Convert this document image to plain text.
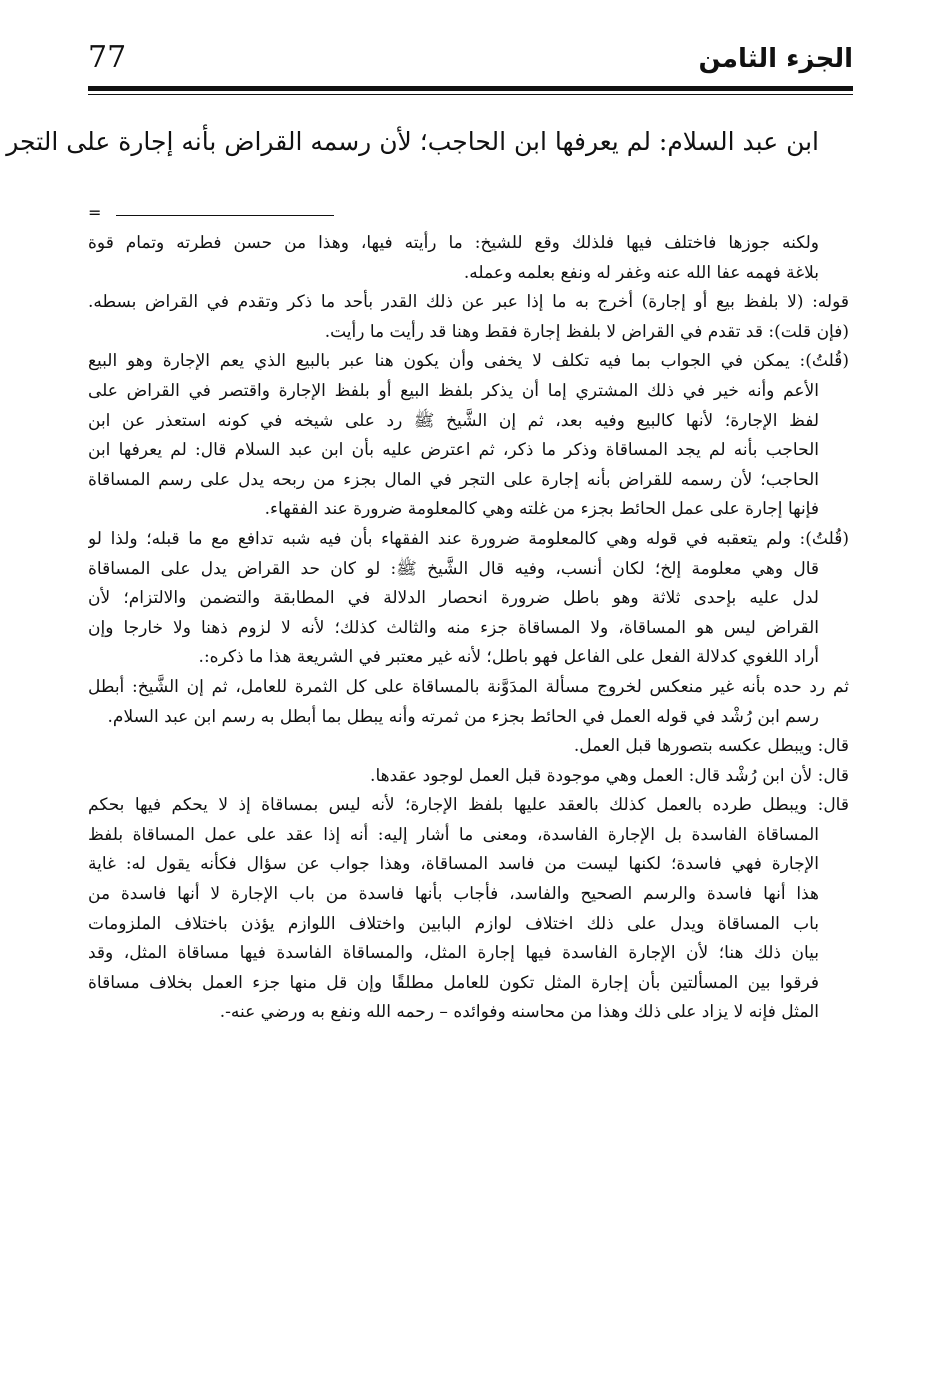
77	الجزء الثامن
ابن عبد السلام: لم يعرفها ابن الحاجب؛ لأن رسمه القراض بأنه إجارة على التجر
=
ولكنه جوزها فاختلف فيها فلذلك وقع للشيخ: ما رأيته فيها، وهذا من حسن فطرته وتمام قوة
بلاغة فهمه عفا الله عنه وغفر له ونفع بعلمه وعمله.
قوله: (لا بلفظ بيع أو إجارة) أخرج به ما إذا عبر عن ذلك القدر بأحد ما ذكر وتقدم في القراض بسطه.
(فإن قلت): قد تقدم في القراض لا بلفظ إجارة فقط وهنا قد رأيت ما رأيت.
(قُلتُ): يمكن في الجواب بما فيه تكلف لا يخفى وأن يكون هنا عبر بالبيع الذي يعم الإجارة وهو البيع
الأعم وأنه خير في ذلك المشتري إما أن يذكر بلفظ البيع أو بلفظ الإجارة واقتصر في القراض على
لفظ الإجارة؛ لأنها كالبيع وفيه بعد، ثم إن الشَّيخ ﷺ رد على شيخه في كونه استعذر عن ابن
الحاجب بأنه لم يجد المساقاة وذكر ما ذكر، ثم اعترض عليه بأن ابن عبد السلام قال: لم يعرفها ابن
الحاجب؛ لأن رسمه للقراض بأنه إجارة على التجر في المال بجزء من ربحه يدل على رسم المساقاة
فإنها إجارة على عمل الحائط بجزء من غلته وهي كالمعلومة ضرورة عند الفقهاء.
(قُلتُ): ولم يتعقبه في قوله وهي كالمعلومة ضرورة عند الفقهاء بأن فيه شبه تدافع مع ما قبله؛ ولذا لو
قال وهي معلومة إلخ؛ لكان أنسب، وفيه قال الشَّيخ ﷺ: لو كان حد القراض يدل على المساقاة
لدل عليه بإحدى ثلاثة وهو باطل ضرورة انحصار الدلالة في المطابقة والتضمن والالتزام؛ لأن
القراض ليس هو المساقاة، ولا المساقاة جزء منه والثالث كذلك؛ لأنه لا لزوم ذهنا ولا خارجا وإن
أراد اللغوي كدلالة الفعل على الفاعل فهو باطل؛ لأنه غير معتبر في الشريعة هذا ما ذكره:.
ثم رد حده بأنه غير منعكس لخروج مسألة المدَوَّنة بالمساقاة على كل الثمرة للعامل، ثم إن الشَّيخ: أبطل
رسم ابن رُشْد في قوله العمل في الحائط بجزء من ثمرته وأنه يبطل بما أبطل به رسم ابن عبد السلام.
قال: ويبطل عكسه بتصورها قبل العمل.
قال: لأن ابن رُشْد قال: العمل وهي موجودة قبل العمل لوجود عقدها.
قال: ويبطل طرده بالعمل كذلك بالعقد عليها بلفظ الإجارة؛ لأنه ليس بمساقاة إذ لا يحكم فيها بحكم
المساقاة الفاسدة بل الإجارة الفاسدة، ومعنى ما أشار إليه: أنه إذا عقد على عمل المساقاة بلفظ
الإجارة فهي فاسدة؛ لكنها ليست من فاسد المساقاة، وهذا جواب عن سؤال فكأنه يقول له: غاية
هذا أنها فاسدة والرسم الصحيح والفاسد، فأجاب بأنها فاسدة من باب الإجارة لا أنها فاسدة من
باب المساقاة ويدل على ذلك اختلاف لوازم البابين واختلاف اللوازم يؤذن باختلاف الملزومات
بيان ذلك هنا؛ لأن الإجارة الفاسدة فيها إجارة المثل، والمساقاة الفاسدة فيها مساقاة المثل، وقد
فرقوا بين المسألتين بأن إجارة المثل تكون للعامل مطلقًا وإن قل منها جزء العمل بخلاف مساقاة
المثل فإنه لا يزاد على ذلك وهذا من محاسنه وفوائده – رحمه الله ونفع به ورضي عنه-.
